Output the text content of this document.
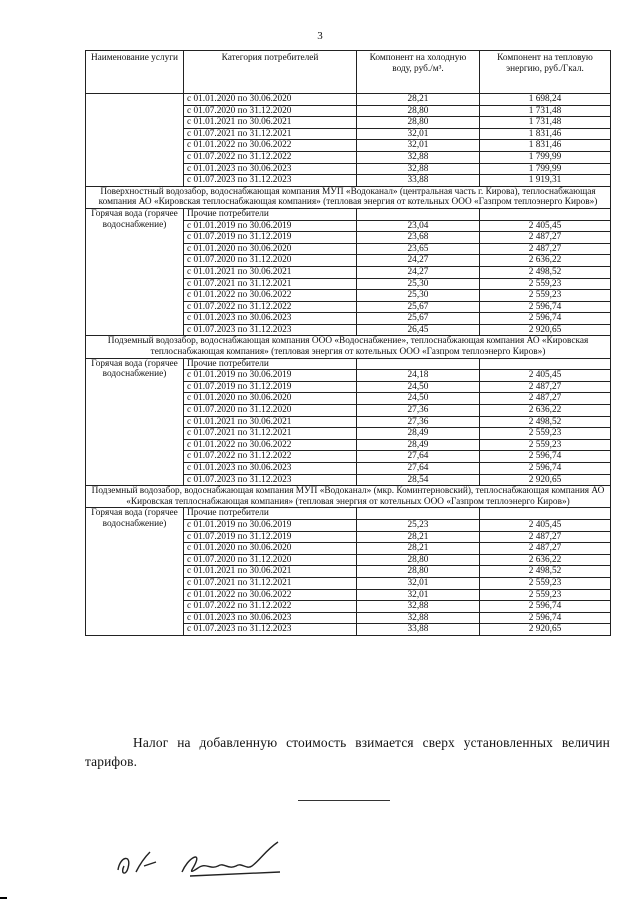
3
Наименование услуги	Категория потребителей	Компонент на холодную воду, руб./м³.	Компонент на тепловую энергию, руб./Гкал.
	с 01.01.2020 по 30.06.2020	28,21	1 698,24
	с 01.07.2020 по 31.12.2020	28,80	1 731,48
	с 01.01.2021 по 30.06.2021	28,80	1 731,48
	с 01.07.2021 по 31.12.2021	32,01	1 831,46
	с 01.01.2022 по 30.06.2022	32,01	1 831,46
	с 01.07.2022 по 31.12.2022	32,88	1 799,99
	с 01.01.2023 по 30.06.2023	32,88	1 799,99
	с 01.07.2023 по 31.12.2023	33,88	1 919,31
Поверхностный водозабор, водоснабжающая компания МУП «Водоканал» (центральная часть г. Кирова), теплоснабжающая компания АО «Кировская теплоснабжающая компания» (тепловая энергия от котельных ООО «Газпром теплоэнерго Киров»)			
Горячая вода (горячее водоснабжение)	Прочие потребители		
	с 01.01.2019 по 30.06.2019	23,04	2 405,45
	с 01.07.2019 по 31.12.2019	23,68	2 487,27
	с 01.01.2020 по 30.06.2020	23,65	2 487,27
	с 01.07.2020 по 31.12.2020	24,27	2 636,22
	с 01.01.2021 по 30.06.2021	24,27	2 498,52
	с 01.07.2021 по 31.12.2021	25,30	2 559,23
	с 01.01.2022 по 30.06.2022	25,30	2 559,23
	с 01.07.2022 по 31.12.2022	25,67	2 596,74
	с 01.01.2023 по 30.06.2023	25,67	2 596,74
	с 01.07.2023 по 31.12.2023	26,45	2 920,65
Подземный водозабор, водоснабжающая компания ООО «Водоснабжение», теплоснабжающая компания АО «Кировская теплоснабжающая компания» (тепловая энергия от котельных ООО «Газпром теплоэнерго Киров»)			
Горячая вода (горячее водоснабжение)	Прочие потребители		
	с 01.01.2019 по 30.06.2019	24,18	2 405,45
	с 01.07.2019 по 31.12.2019	24,50	2 487,27
	с 01.01.2020 по 30.06.2020	24,50	2 487,27
	с 01.07.2020 по 31.12.2020	27,36	2 636,22
	с 01.01.2021 по 30.06.2021	27,36	2 498,52
	с 01.07.2021 по 31.12.2021	28,49	2 559,23
	с 01.01.2022 по 30.06.2022	28,49	2 559,23
	с 01.07.2022 по 31.12.2022	27,64	2 596,74
	с 01.01.2023 по 30.06.2023	27,64	2 596,74
	с 01.07.2023 по 31.12.2023	28,54	2 920,65
Подземный водозабор, водоснабжающая компания МУП «Водоканал» (мкр. Коминтерновский), теплоснабжающая компания АО «Кировская теплоснабжающая компания» (тепловая энергия от котельных ООО «Газпром теплоэнерго Киров»)			
Горячая вода (горячее водоснабжение)	Прочие потребители		
	с 01.01.2019 по 30.06.2019	25,23	2 405,45
	с 01.07.2019 по 31.12.2019	28,21	2 487,27
	с 01.01.2020 по 30.06.2020	28,21	2 487,27
	с 01.07.2020 по 31.12.2020	28,80	2 636,22
	с 01.01.2021 по 30.06.2021	28,80	2 498,52
	с 01.07.2021 по 31.12.2021	32,01	2 559,23
	с 01.01.2022 по 30.06.2022	32,01	2 559,23
	с 01.07.2022 по 31.12.2022	32,88	2 596,74
	с 01.01.2023 по 30.06.2023	32,88	2 596,74
	с 01.07.2023 по 31.12.2023	33,88	2 920,65
Налог на добавленную стоимость взимается сверх установленных величин тарифов.
